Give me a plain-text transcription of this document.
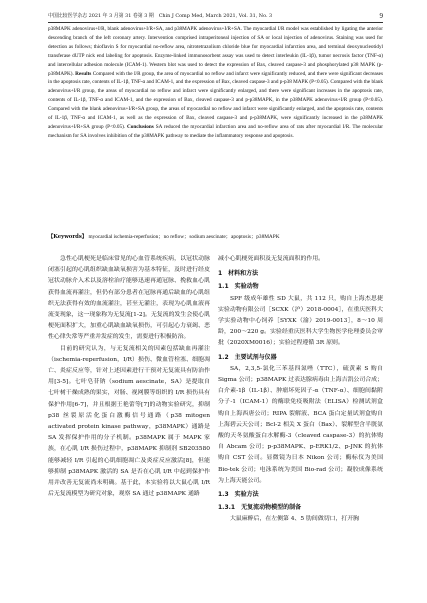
中国比较医学杂志 2021 年 3 月第 31 卷第 3 期　Chin J Comp Med, March 2021, Vol. 31, No. 3	9
p38MAPK adenovirus+I/R, blank adenovirus+I/R+SA, and p38MAPK adenovirus+I/R+SA. The myocardial I/R model was established by ligating the anterior descending branch of the left coronary artery. Intervention comprised intraperitoneal injection of SA or local injection of adenovirus. Staining was used for detection as follows; thioflavin S for myocardial no-reflow area, nitrotetrazolium chloride blue for myocardial infarction area, and terminal deoxynucleotidyl transferase dUTP nick end labeling for apoptosis. Enzyme-linked immunosorbent assay was used to detect interleukin (IL-1β), tumor necrosis factor (TNF-α) and intercellular adhesion molecule (ICAM-1). Western blot was used to detect the expression of Bax, cleaved caspase-3 and phosphorylated p38 MAPK (p-p38MAPK). Results Compared with the I/R group, the area of myocardial no reflow and infarct were significantly reduced, and there were significant decreases in the apoptosis rate, contents of IL-1β, TNF-α and ICAM-1, and the expression of Bax, cleaved caspase-3 and p-p38 MAPK (P<0.05). Compared with the blank adenovirus+I/R group, the areas of myocardial no reflow and infarct were significantly enlarged, and there were significant increases in the apoptosis rate, contents of IL-1β, TNF-α and ICAM-1, and the expression of Bax, cleaved caspase-3 and p-p38MAPK, in the p38MAPK adenovirus+I/R group (P<0.05). Compared with the blank adenovirus+I/R+SA group, the areas of myocardial no reflow and infarct were significantly enlarged, and the apoptosis rate, contents of IL-1β, TNF-α and ICAM-1, as well as the expression of Bax, cleaved caspase-3 and p-p38MAPK, were significantly increased in the p38MAPK adenovirus+I/R+SA group (P<0.05). Conclusions SA reduced the myocardial infarction area and no-reflow area of rats after myocardial I/R. The molecular mechanism for SA involves inhibition of the p38MAPK pathway to mediate the inflammatory response and apoptosis.
【Keywords】 myocardial ischemia-reperfusion；no reflow；sodium aescinate；apoptosis；p38MAPK

急性心肌梗死是临床常见的心血管系统疾病，以冠状动脉闭塞引起的心肌组织缺血缺氧损害为基本特征，及时进行经皮冠状动脉介入术以及溶栓治疗能够迅速再通冠脉、挽救血心肌获得血流再灌注，但仍有部分患者在冠脉再通后缺血的心肌组织无法获得有效的血流灌注，甚至无灌注，表现为心肌血液再流变现象，这一现象称为无复流[1-2]。无复流的发生会使心肌梗死面积扩大，加重心肌缺血缺氧损伤，可引起心力衰竭、恶性心律失常等严重并发症的发生，需要进行积极防治。

目前的研究认为，与无复流相关的因素包括缺血再灌注（ischemia-reperfusion，I/R）损伤、微血管栓塞、细胞凋亡、炎症反应等，针对上述因素进行干预对无复流具有防治作用[3-5]。七叶皂苷钠（sodium aescinate，SA）是提取自七叶树干燥成熟的果实，对肠、视网膜等组织的 I/R 损伤具有保护作用[6-7]，并且根据王艳蕾等[7]的动物实验研究，抑制 p38 丝裂原活化蛋白激酶信号通路（p38 mitogen activated protein kinase pathway，p38MAPK）通路是 SA 发挥保护作用的分子机制。p38MAPK 属于 MAPK 家族，在心肌 I/R 损伤过程中，p38MAPK 抑制剂 SB203580 能够减轻 I/R 引起的心肌细胞凋亡及炎症反应激活[8]，但能够抑制 p38MAPK 激活的 SA 是否在心肌 I/R 中起到保护作用并改善无复流尚未明确。基于此，本实验将以大鼠心肌 I/R 后无复流模型为研究对象，观察 SA 通过 p38MAPK 通路

减小心肌梗死面积及无复流面积的作用。

1　材料和方法
1.1　实验动物

SPF 级成年雄性 SD 大鼠，共 112 只，购自上海杰思捷实验动物有限公司［SCXK（沪）2018-0004］，在重庆医科大学实验动物中心饲养［SYXK（渝）2019-0013］，8～10 周龄，200～220 g。实验经重庆医科大学生物医学伦理委员会审批（2020XM0016）；实验过程遵循 3R 原则。

1.2　主要试剂与仪器

SA，2,3,5-氯化三苯基四氮唑（TTC），硫黄素 S 购自 Sigma 公司；p38MAPK 过表达腺病毒由上海吉凯公司合成；白介素-1β（IL-1β）、肿瘤坏死因子-α（TNF-α）、细胞间黏附分子-1（ICAM-1）的酶联免疫吸附法（ELISA）检测试剂盒购自上海西唐公司；RIPA 裂解液、BCA 蛋白定量试剂盒购自上海碧云天公司；Bcl-2 相关 X 蛋白（Bax）、裂解型含半胱氨酸的天冬氨酸蛋白水解酶-3（cleaved caspase-3）的抗体购自 Abcam 公司；p-p38MAPK、p-ERK1/2、p-JNK 的抗体购自 CST 公司。显微镜为日本 Nikon 公司；酶标仪为美国 Bio-tek 公司；电泳系统为美国 Bio-rad 公司；凝胶成像系统为上海天能公司。

1.3　实验方法
1.3.1　无复流动物模型的制备

大鼠麻醉后，在左侧第 4、5 肋间做切口，打开胸
